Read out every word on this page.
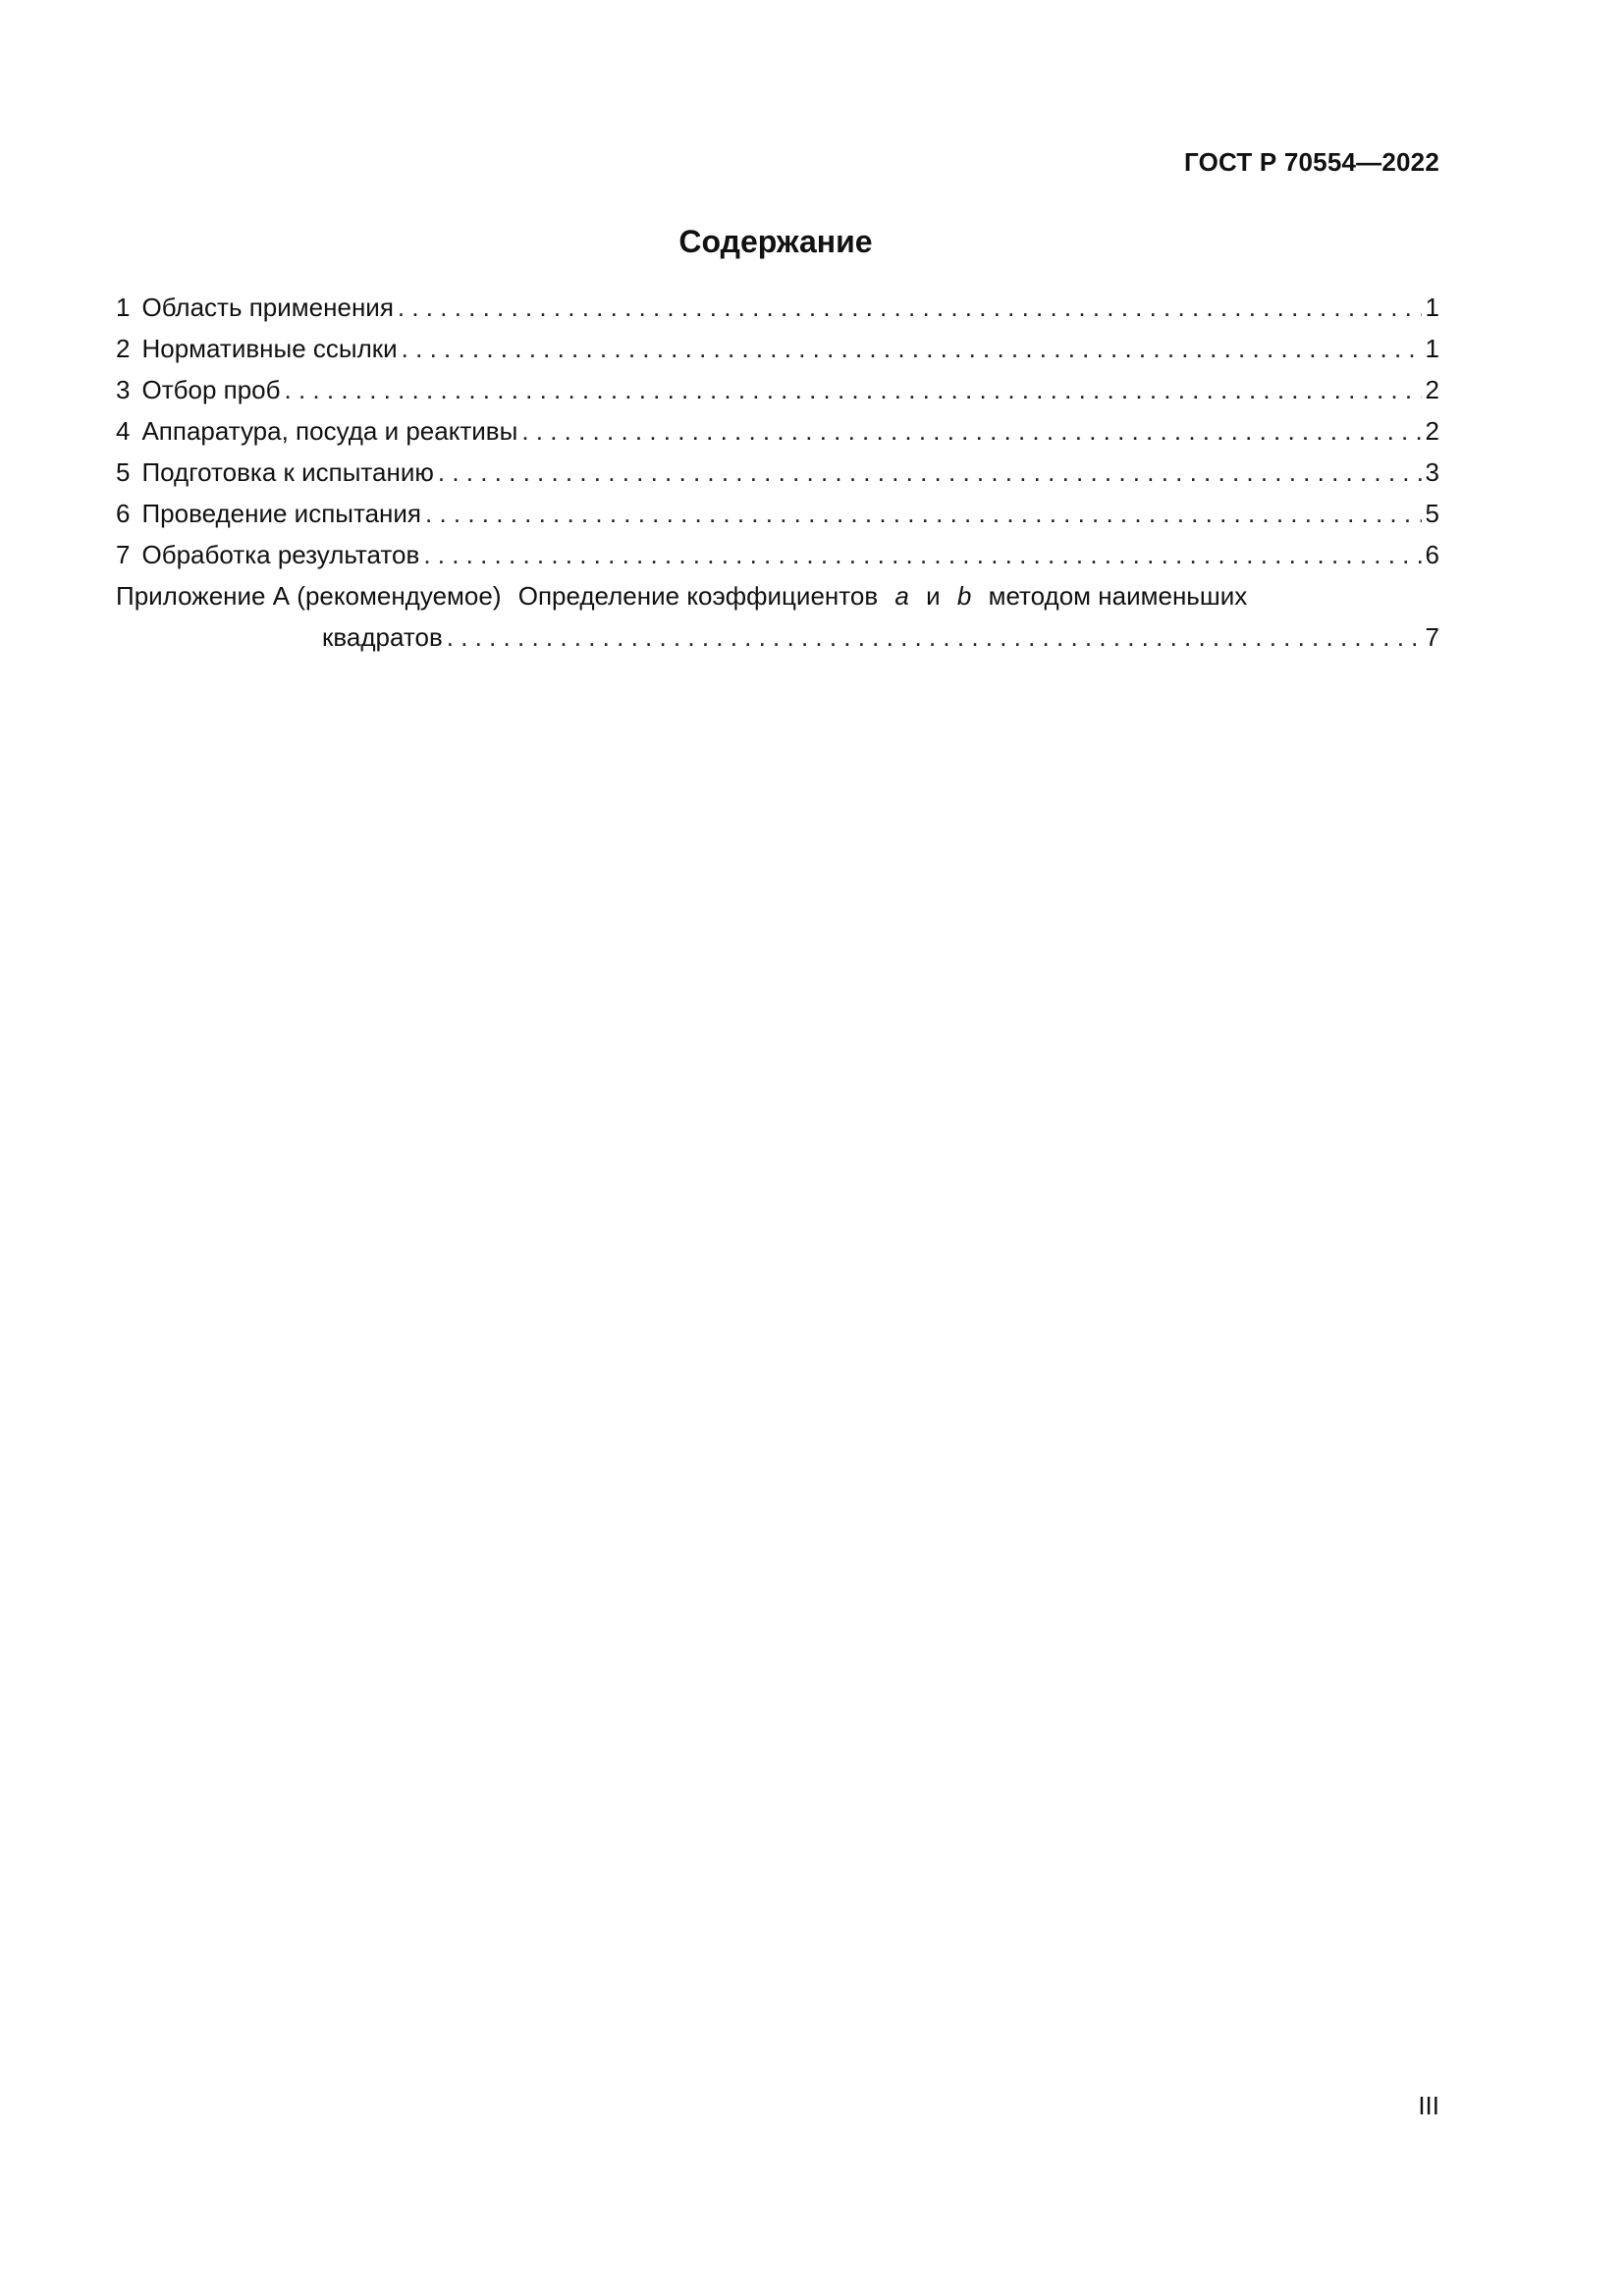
ГОСТ Р 70554—2022
Содержание
1 Область применения . . .	1
2 Нормативные ссылки . . .	1
3 Отбор проб . . .	2
4 Аппаратура, посуда и реактивы . . .	2
5 Подготовка к испытанию . . .	3
6 Проведение испытания . . .	5
7 Обработка результатов . . .	6
Приложение А (рекомендуемое) Определение коэффициентов a и b методом наименьших
квадратов . . .	7
III
